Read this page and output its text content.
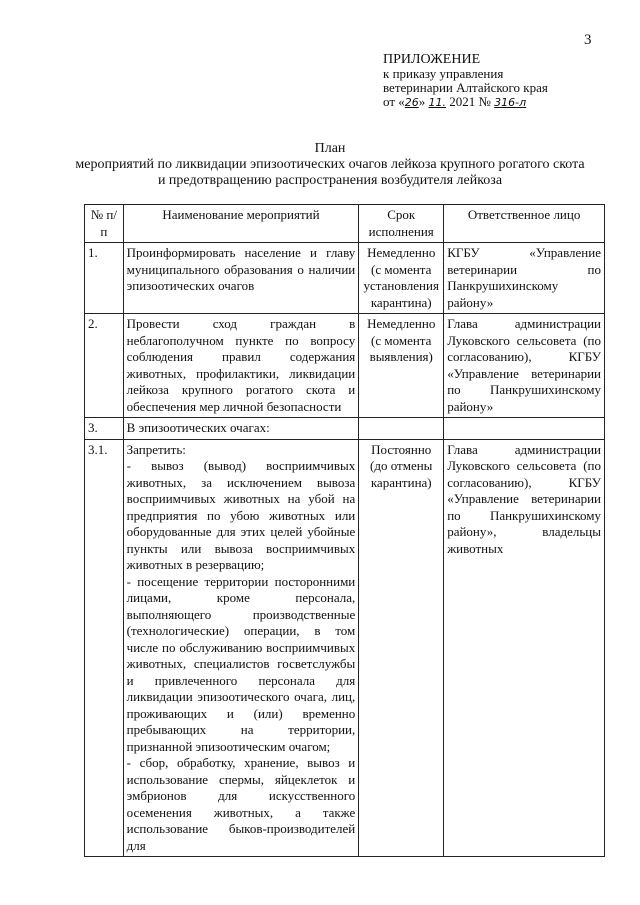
3
ПРИЛОЖЕНИЕ
к приказу управления
ветеринарии Алтайского края
от «26» 11. 2021 № 316-л
План
мероприятий по ликвидации эпизоотических очагов лейкоза крупного рогатого скота
и предотвращению распространения возбудителя лейкоза
№ п/п	Наименование мероприятий	Срок исполнения	Ответственное лицо
1.	Проинформировать население и главу муниципального образования о наличии эпизоотических очагов	Немедленно (с момента установления карантина)	КГБУ «Управление ветеринарии по Панкрушихинскому району»
2.	Провести сход граждан в неблагополучном пункте по вопросу соблюдения правил содержания животных, профилактики, ликвидации лейкоза крупного рогатого скота и обеспечения мер личной безопасности	Немедленно (с момента выявления)	Глава администрации Луковского сельсовета (по согласованию), КГБУ «Управление ветеринарии по Панкрушихинскому району»
3.	В эпизоотических очагах:		
3.1.	Запретить:
- вывоз (вывод) восприимчивых животных, за исключением вывоза восприимчивых животных на убой на предприятия по убою животных или оборудованные для этих целей убойные пункты или вывоза восприимчивых животных в резервацию;
- посещение территории посторонними лицами, кроме персонала, выполняющего производственные (технологические) операции, в том числе по обслуживанию восприимчивых животных, специалистов госветслужбы и привлеченного персонала для ликвидации эпизоотического очага, лиц, проживающих и (или) временно пребывающих на территории, признанной эпизоотическим очагом;
- сбор, обработку, хранение, вывоз и использование спермы, яйцеклеток и эмбрионов для искусственного осеменения животных, а также использование быков-производителей для	Постоянно (до отмены карантина)	Глава администрации Луковского сельсовета (по согласованию), КГБУ «Управление ветеринарии по Панкрушихинскому району», владельцы животных
